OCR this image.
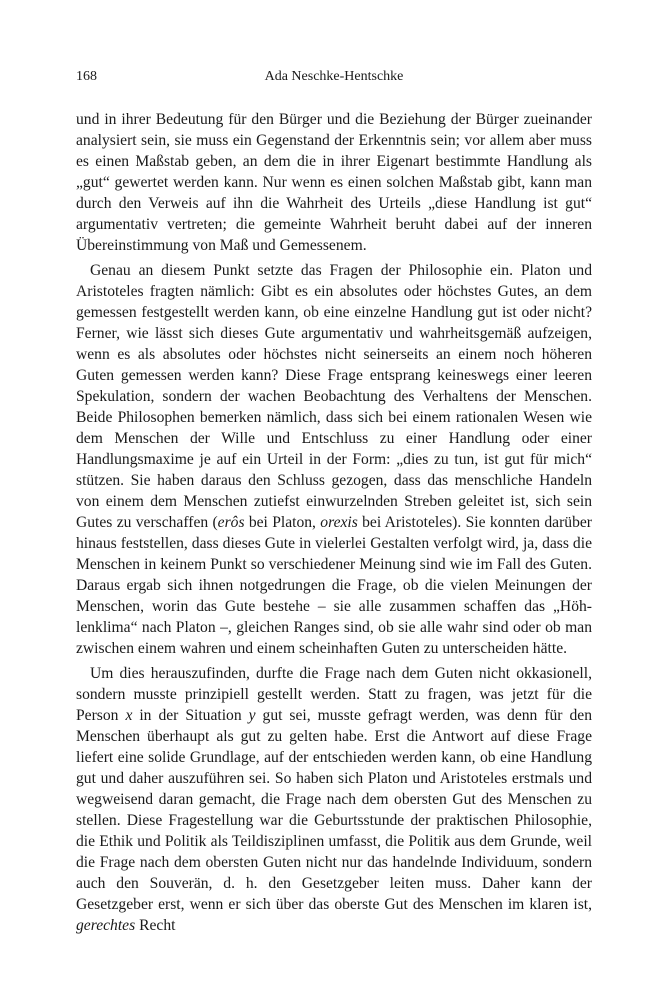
168	Ada Neschke-Hentschke

und in ihrer Bedeutung für den Bürger und die Beziehung der Bürger zueinander analysiert sein, sie muss ein Gegenstand der Erkenntnis sein; vor allem aber muss es einen Maßstab geben, an dem die in ihrer Eigenart bestimmte Handlung als „gut“ gewertet werden kann. Nur wenn es einen solchen Maßstab gibt, kann man durch den Verweis auf ihn die Wahrheit des Urteils „diese Handlung ist gut“ argumentativ vertreten; die gemeinte Wahrheit beruht dabei auf der inneren Übereinstimmung von Maß und Gemessenem.

Genau an diesem Punkt setzte das Fragen der Philosophie ein. Platon und Aristoteles fragten nämlich: Gibt es ein absolutes oder höchstes Gutes, an dem gemessen festgestellt werden kann, ob eine einzelne Handlung gut ist oder nicht? Ferner, wie lässt sich dieses Gute argumentativ und wahrheitsgemäß aufzeigen, wenn es als absolutes oder höchstes nicht seinerseits an einem noch höheren Guten gemessen werden kann? Diese Frage entsprang keineswegs einer leeren Spekulation, sondern der wachen Beobachtung des Verhaltens der Menschen. Beide Philosophen bemerken nämlich, dass sich bei einem rationalen Wesen wie dem Menschen der Wille und Entschluss zu einer Handlung oder einer Handlungsmaxime je auf ein Urteil in der Form: „dies zu tun, ist gut für mich“ stützen. Sie haben daraus den Schluss gezogen, dass das menschliche Handeln von einem dem Menschen zutiefst einwurzelnden Streben geleitet ist, sich sein Gutes zu verschaffen (erôs bei Platon, orexis bei Aristoteles). Sie konnten darüber hinaus feststellen, dass dieses Gute in vielerlei Gestalten verfolgt wird, ja, dass die Menschen in keinem Punkt so verschiedener Meinung sind wie im Fall des Guten. Daraus ergab sich ihnen notgedrungen die Frage, ob die vielen Meinungen der Menschen, worin das Gute bestehe – sie alle zusammen schaffen das „Höhlenklima“ nach Platon –, gleichen Ranges sind, ob sie alle wahr sind oder ob man zwischen einem wahren und einem scheinhaften Guten zu unterscheiden hätte.

Um dies herauszufinden, durfte die Frage nach dem Guten nicht okkasionell, sondern musste prinzipiell gestellt werden. Statt zu fragen, was jetzt für die Person x in der Situation y gut sei, musste gefragt werden, was denn für den Menschen überhaupt als gut zu gelten habe. Erst die Antwort auf diese Frage liefert eine solide Grundlage, auf der entschieden werden kann, ob eine Handlung gut und daher auszuführen sei. So haben sich Platon und Aristoteles erstmals und wegweisend daran gemacht, die Frage nach dem obersten Gut des Menschen zu stellen. Diese Fragestellung war die Geburtsstunde der praktischen Philosophie, die Ethik und Politik als Teildisziplinen umfasst, die Politik aus dem Grunde, weil die Frage nach dem obersten Guten nicht nur das handelnde Individuum, sondern auch den Souverän, d. h. den Gesetzgeber leiten muss. Daher kann der Gesetzgeber erst, wenn er sich über das oberste Gut des Menschen im klaren ist, gerechtes Recht
